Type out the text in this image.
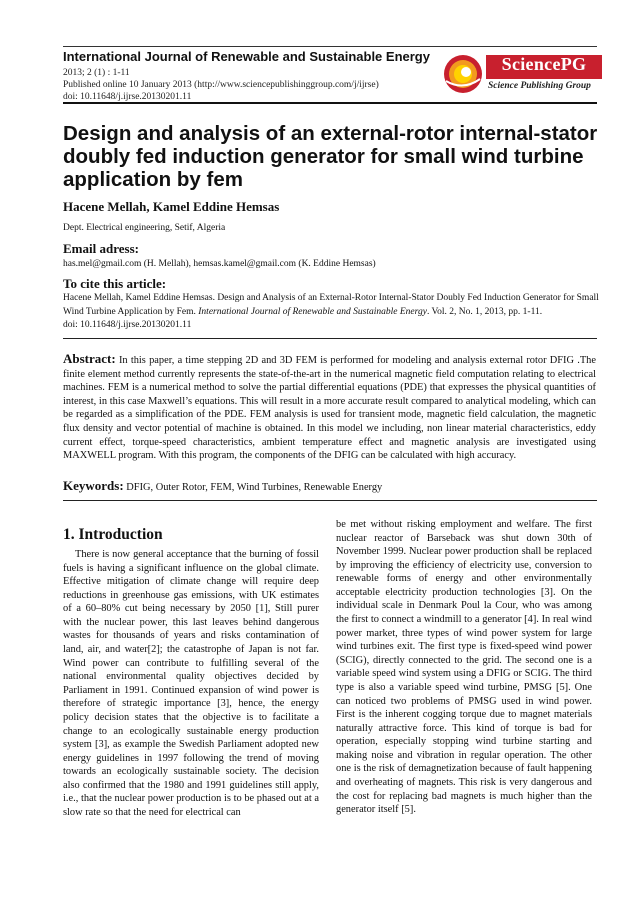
International Journal of Renewable and Sustainable Energy
2013; 2 (1) : 1-11
Published online 10 January 2013 (http://www.sciencepublishinggroup.com/j/ijrse)
doi: 10.11648/j.ijrse.20130201.11
SciencePG
Science Publishing Group
Design and analysis of an external-rotor internal-stator doubly fed induction generator for small wind turbine application by fem
Hacene Mellah, Kamel Eddine Hemsas
Dept. Electrical engineering, Setif, Algeria
Email adress:
has.mel@gmail.com (H. Mellah), hemsas.kamel@gmail.com (K. Eddine Hemsas)
To cite this article:
Hacene Mellah, Kamel Eddine Hemsas. Design and Analysis of an External-Rotor Internal-Stator Doubly Fed Induction Generator for Small Wind Turbine Application by Fem. International Journal of Renewable and Sustainable Energy. Vol. 2, No. 1, 2013, pp. 1-11.
doi: 10.11648/j.ijrse.20130201.11
Abstract: In this paper, a time stepping 2D and 3D FEM is performed for modeling and analysis external rotor DFIG .The finite element method currently represents the state-of-the-art in the numerical magnetic field computation relating to electrical machines. FEM is a numerical method to solve the partial differential equations (PDE) that expresses the physical quantities of interest, in this case Maxwell’s equations. This will result in a more accurate result compared to analytical modeling, which can be regarded as a simplification of the PDE. FEM analysis is used for transient mode, magnetic field calculation, the magnetic flux density and vector potential of machine is obtained. In this model we including, non linear material characteristics, eddy current effect, torque-speed characteristics, ambient temperature effect and magnetic analysis are investigated using MAXWELL program. With this program, the components of the DFIG can be calculated with high accuracy.
Keywords: DFIG, Outer Rotor, FEM, Wind Turbines, Renewable Energy
1. Introduction

There is now general acceptance that the burning of fossil fuels is having a significant influence on the global climate. Effective mitigation of climate change will require deep reductions in greenhouse gas emissions, with UK estimates of a 60–80% cut being necessary by 2050 [1], Still purer with the nuclear power, this last leaves behind dangerous wastes for thousands of years and risks contamination of land, air, and water[2]; the catastrophe of Japan is not far. Wind power can contribute to fulfilling several of the national environmental quality objectives decided by Parliament in 1991. Continued expansion of wind power is therefore of strategic importance [3], hence, the energy policy decision states that the objective is to facilitate a change to an ecologically sustainable energy production system [3], as example the Swedish Parliament adopted new energy guidelines in 1997 following the trend of moving towards an ecologically sustainable society. The decision also confirmed that the 1980 and 1991 guidelines still apply, i.e., that the nuclear power production is to be phased out at a slow rate so that the need for electrical can

be met without risking employment and welfare. The first nuclear reactor of Barseback was shut down 30th of November 1999. Nuclear power production shall be replaced by improving the efficiency of electricity use, conversion to renewable forms of energy and other environmentally acceptable electricity production technologies [3]. On the individual scale in Denmark Poul la Cour, who was among the first to connect a windmill to a generator [4]. In real wind power market, three types of wind power system for large wind turbines exit. The first type is fixed-speed wind power (SCIG), directly connected to the grid. The second one is a variable speed wind system using a DFIG or SCIG. The third type is also a variable speed wind turbine, PMSG [5]. One can noticed two problems of PMSG used in wind power. First is the inherent cogging torque due to magnet materials naturally attractive force. This kind of torque is bad for operation, especially stopping wind turbine starting and making noise and vibration in regular operation. The other one is the risk of demagnetization because of fault happening and overheating of magnets. This risk is very dangerous and the cost for replacing bad magnets is much higher than the generator itself [5].
